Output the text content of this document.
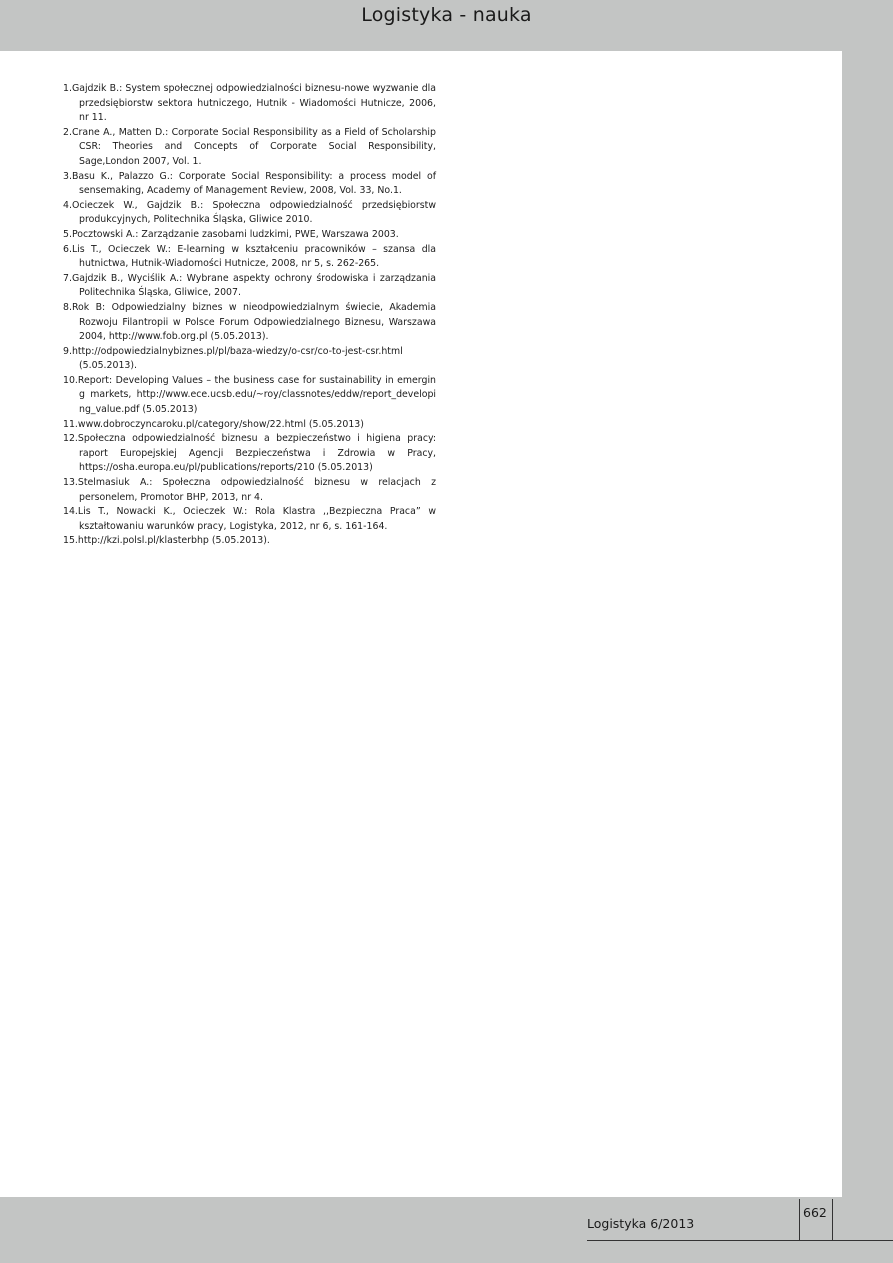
Logistyka - nauka
1.Gajdzik B.: System społecznej odpowiedzialności biznesu-nowe wyzwanie dla przedsiębiorstw sektora hutniczego, Hutnik - Wiadomości Hutnicze, 2006, nr 11.
2.Crane A., Matten D.: Corporate Social Responsibility as a Field of Scholarship CSR: Theories and Concepts of Corporate Social Responsibility, Sage,London 2007, Vol. 1.
3.Basu K., Palazzo G.: Corporate Social Responsibility: a process model of sensemaking, Academy of Management Review, 2008, Vol. 33, No.1.
4.Ocieczek W., Gajdzik B.: Społeczna odpowiedzialność przedsiębiorstw produkcyjnych, Politechnika Śląska, Gliwice 2010.
5.Pocztowski A.: Zarządzanie zasobami ludzkimi, PWE, Warszawa 2003.
6.Lis T., Ocieczek W.: E-learning w kształceniu pracowników – szansa dla hutnictwa, Hutnik-Wiadomości Hutnicze, 2008, nr 5, s. 262-265.
7.Gajdzik B., Wyciślik A.: Wybrane aspekty ochrony środowiska i zarządzania Politechnika Śląska, Gliwice, 2007.
8.Rok B: Odpowiedzialny biznes w nieodpowiedzialnym świecie, Akademia Rozwoju Filantropii w Polsce Forum Odpowiedzialnego Biznesu, Warszawa 2004, http://www.fob.org.pl (5.05.2013).
9.http://odpowiedzialnybiznes.pl/pl/baza-wiedzy/o-csr/co-to-jest-csr.html (5.05.2013).
10.Report: Developing Values – the business case for sustainability in emerging markets, http://www.ece.ucsb.edu/~roy/classnotes/eddw/report_developing_value.pdf (5.05.2013)
11.www.dobroczyncaroku.pl/category/show/22.html (5.05.2013)
12.Społeczna odpowiedzialność biznesu a bezpieczeństwo i higiena pracy: raport Europejskiej Agencji Bezpieczeństwa i Zdrowia w Pracy, https://osha.europa.eu/pl/publications/reports/210 (5.05.2013)
13.Stelmasiuk A.: Społeczna odpowiedzialność biznesu w relacjach z personelem, Promotor BHP, 2013, nr 4.
14.Lis T., Nowacki K., Ocieczek W.: Rola Klastra ,,Bezpieczna Praca” w kształtowaniu warunków pracy, Logistyka, 2012, nr 6, s. 161-164.
15.http://kzi.polsl.pl/klasterbhp (5.05.2013).
Logistyka 6/2013
662
